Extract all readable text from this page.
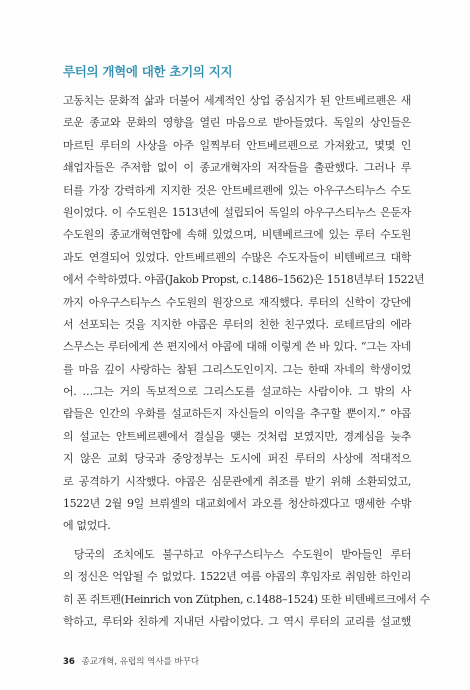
루터의 개혁에 대한 초기의 지지
고동치는 문화적 삶과 더불어 세계적인 상업 중심지가 된 안트베르펜은 새
로운 종교와 문화의 영향을 열린 마음으로 받아들였다. 독일의 상인들은
마르틴 루터의 사상을 아주 일찍부터 안트베르펜으로 가져왔고, 몇몇 인
쇄업자들은 주저함 없이 이 종교개혁자의 저작들을 출판했다. 그러나 루
터를 가장 강력하게 지지한 것은 안트베르펜에 있는 아우구스티누스 수도
원이었다. 이 수도원은 1513년에 설립되어 독일의 아우구스티누스 은둔자
수도원의 종교개혁연합에 속해 있었으며, 비텐베르크에 있는 루터 수도원
과도 연결되어 있었다. 안트베르펜의 수많은 수도자들이 비텐베르크 대학
에서 수학하였다. 야콥(Jakob Propst, c.1486–1562)은 1518년부터 1522년
까지 아우구스티누스 수도원의 원장으로 재직했다. 루터의 신학이 강단에
서 선포되는 것을 지지한 야콥은 루터의 친한 친구였다. 로테르담의 에라
스무스는 루터에게 쓴 편지에서 야콥에 대해 이렇게 쓴 바 있다. “그는 자네
를 마음 깊이 사랑하는 참된 그리스도인이지. 그는 한때 자네의 학생이었
어. …그는 거의 독보적으로 그리스도를 설교하는 사람이야. 그 밖의 사
람들은 인간의 우화를 설교하든지 자신들의 이익을 추구할 뿐이지.” 야콥
의 설교는 안트베르펜에서 결실을 맺는 것처럼 보였지만, 경계심을 늦추
지 않은 교회 당국과 중앙정부는 도시에 퍼진 루터의 사상에 적대적으
로 공격하기 시작했다. 야콥은 심문관에게 취조를 받기 위해 소환되었고,
1522년 2월 9일 브뤼셀의 대교회에서 과오를 청산하겠다고 맹세한 수밖
에 없었다.
당국의 조치에도 불구하고 아우구스티누스 수도원이 받아들인 루터
의 정신은 억압될 수 없었다. 1522년 여름 야콥의 후임자로 취임한 하인리
히 폰 쥐트펜(Heinrich von Zütphen, c.1488–1524) 또한 비텐베르크에서 수
학하고, 루터와 친하게 지내던 사람이었다. 그 역시 루터의 교리를 설교했
36 종교개혁, 유럽의 역사를 바꾸다
